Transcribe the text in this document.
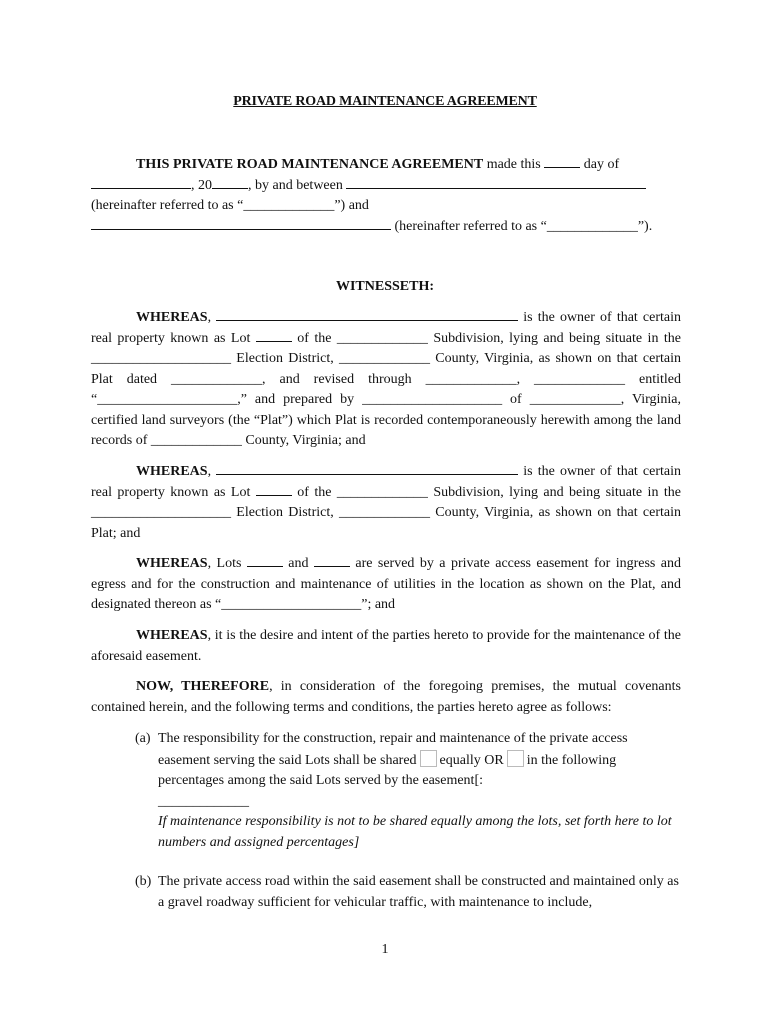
PRIVATE ROAD MAINTENANCE AGREEMENT

THIS PRIVATE ROAD MAINTENANCE AGREEMENT made this	day of
, 20	, by and between
(hereinafter referred to as “_____________”) and
(hereinafter referred to as “_____________”).

WITNESSETH:

WHEREAS,	is the owner of that certain real property known as Lot	of the _____________ Subdivision, lying and being situate in the ____________________ Election District, _____________ County, Virginia, as shown on that certain Plat dated _____________, and revised through _____________, _____________ entitled “____________________,” and prepared by ____________________ of _____________, Virginia, certified land surveyors (the “Plat”) which Plat is recorded contemporaneously herewith among the land records of _____________ County, Virginia; and

WHEREAS,	is the owner of that certain real property known as Lot	of the _____________ Subdivision, lying and being situate in the ____________________ Election District, _____________ County, Virginia, as shown on that certain Plat; and

WHEREAS, Lots	and	are served by a private access easement for ingress and egress and for the construction and maintenance of utilities in the location as shown on the Plat, and designated thereon as “____________________”; and

WHEREAS, it is the desire and intent of the parties hereto to provide for the maintenance of the aforesaid easement.

NOW, THEREFORE, in consideration of the foregoing premises, the mutual covenants contained herein, and the following terms and conditions, the parties hereto agree as follows:

(a) The responsibility for the construction, repair and maintenance of the private access easement serving the said Lots shall be shared equally OR in the following percentages among the said Lots served by the easement[:
_____________
If maintenance responsibility is not to be shared equally among the lots, set forth here to lot numbers and assigned percentages]
(b) The private access road within the said easement shall be constructed and maintained only as a gravel roadway sufficient for vehicular traffic, with maintenance to include,
1
